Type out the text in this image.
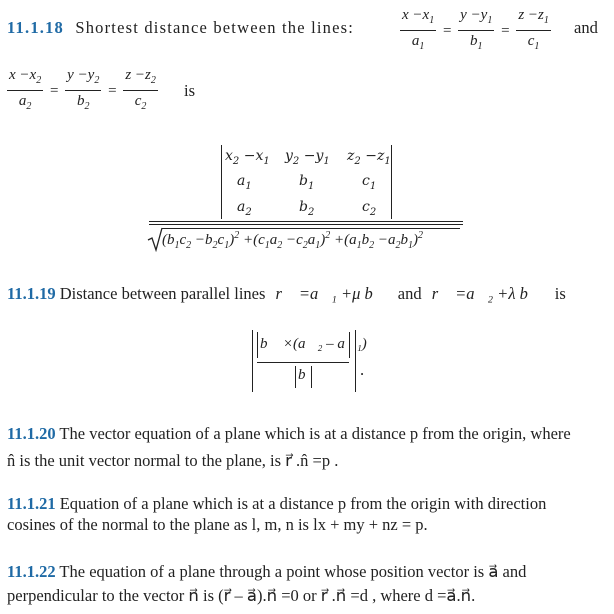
11.1.18 Shortest distance between the lines:	$\frac{x -x_1}{a_1} = \frac{y -y_1}{b_1} = \frac{z -z_1}{c_1}$ and
$\frac{x -x_2}{a_2} = \frac{y -y_2}{b_2} = \frac{z -z_2}{c_2}$ is
$x_2 -x_1$ $y_2 -y_1$ $z_2 -z_1$
$a_1$	$b_1$	$c_1$
$a_2$	$b_2$	$c_2$
$(b_1c_2 -b_2c_1)^2 +(c_1a_2 -c_2a_1)^2 +(a_1b_2 -a_2b_1)^2$
11.1.19 Distance between parallel lines r⃗ =a⃗₁ +μ b⃗ and r⃗ =a⃗₂ +λ b⃗ is
b⃗ ×(a⃗₂ – a⃗₁)
b⃗	.
11.1.20 The vector equation of a plane which is at a distance p from the origin, where
n̂ is the unit vector normal to the plane, is r⃗ .n̂ =p .
11.1.21 Equation of a plane which is at a distance p from the origin with direction
cosines of the normal to the plane as l, m, n is lx + my + nz = p.
11.1.22 The equation of a plane through a point whose position vector is a⃗ and
perpendicular to the vector n⃗ is (r⃗ – a⃗).n⃗ =0 or r⃗ .n⃗ =d , where d =a⃗.n⃗.
